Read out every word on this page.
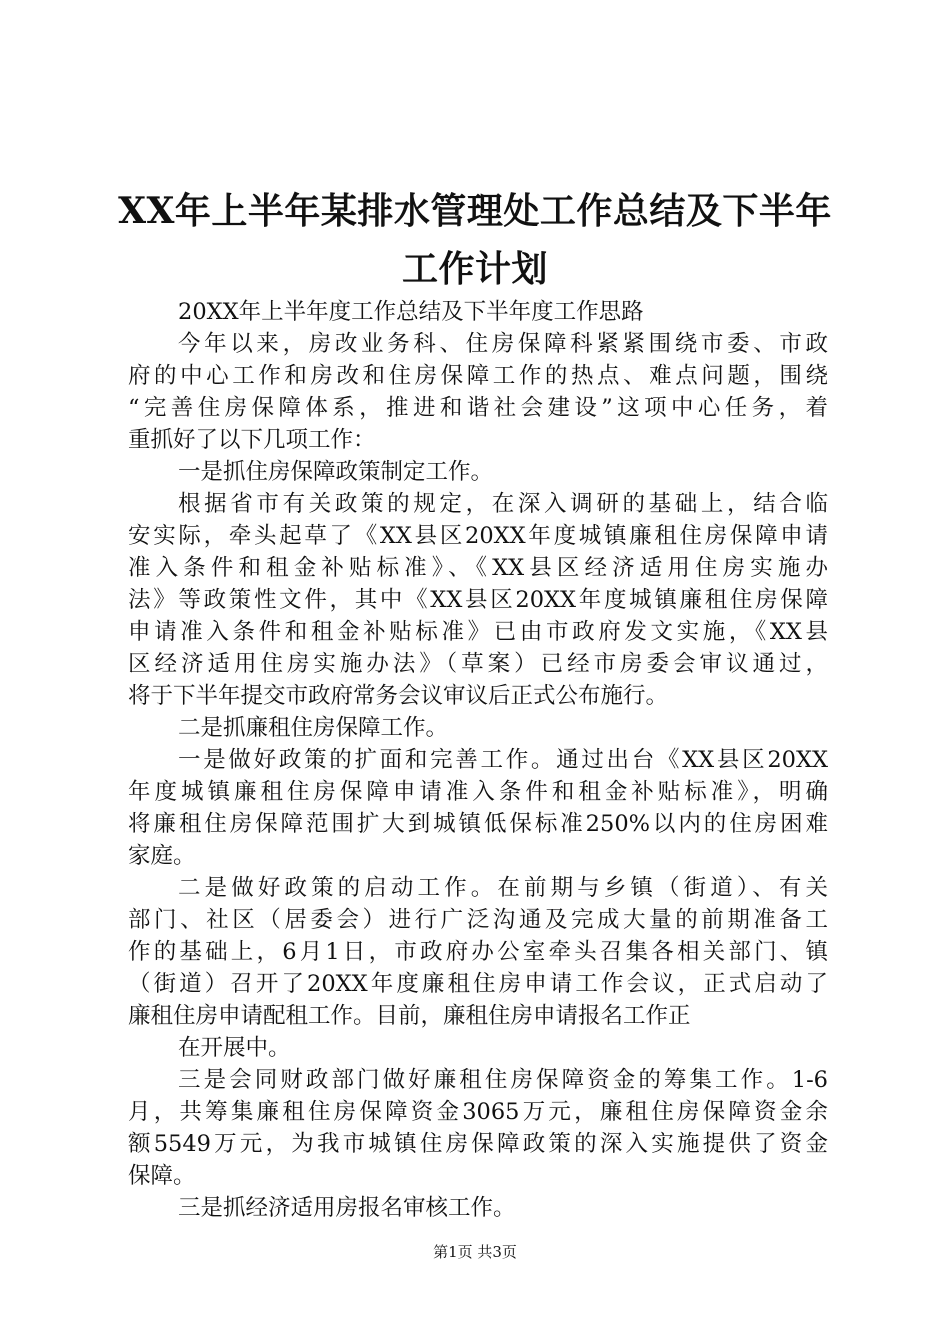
XX年上半年某排水管理处工作总结及下半年
工作计划
20XX年上半年度工作总结及下半年度工作思路
今年以来，房改业务科、住房保障科紧紧围绕市委、市政
府的中心工作和房改和住房保障工作的热点、难点问题，围绕
“完善住房保障体系，推进和谐社会建设”这项中心任务，着
重抓好了以下几项工作：
一是抓住房保障政策制定工作。
根据省市有关政策的规定，在深入调研的基础上，结合临
安实际，牵头起草了《XX县区20XX年度城镇廉租住房保障申请
准入条件和租金补贴标准》、《XX县区经济适用住房实施办
法》等政策性文件，其中《XX县区20XX年度城镇廉租住房保障
申请准入条件和租金补贴标准》已由市政府发文实施，《XX县
区经济适用住房实施办法》（草案）已经市房委会审议通过，
将于下半年提交市政府常务会议审议后正式公布施行。
二是抓廉租住房保障工作。
一是做好政策的扩面和完善工作。通过出台《XX县区20XX
年度城镇廉租住房保障申请准入条件和租金补贴标准》，明确
将廉租住房保障范围扩大到城镇低保标准250%以内的住房困难
家庭。
二是做好政策的启动工作。在前期与乡镇（街道）、有关
部门、社区（居委会）进行广泛沟通及完成大量的前期准备工
作的基础上，6月1日，市政府办公室牵头召集各相关部门、镇
（街道）召开了20XX年度廉租住房申请工作会议，正式启动了
廉租住房申请配租工作。目前，廉租住房申请报名工作正
在开展中。
三是会同财政部门做好廉租住房保障资金的筹集工作。1-6
月，共筹集廉租住房保障资金3065万元，廉租住房保障资金余
额5549万元，为我市城镇住房保障政策的深入实施提供了资金
保障。
三是抓经济适用房报名审核工作。
第1页 共3页
